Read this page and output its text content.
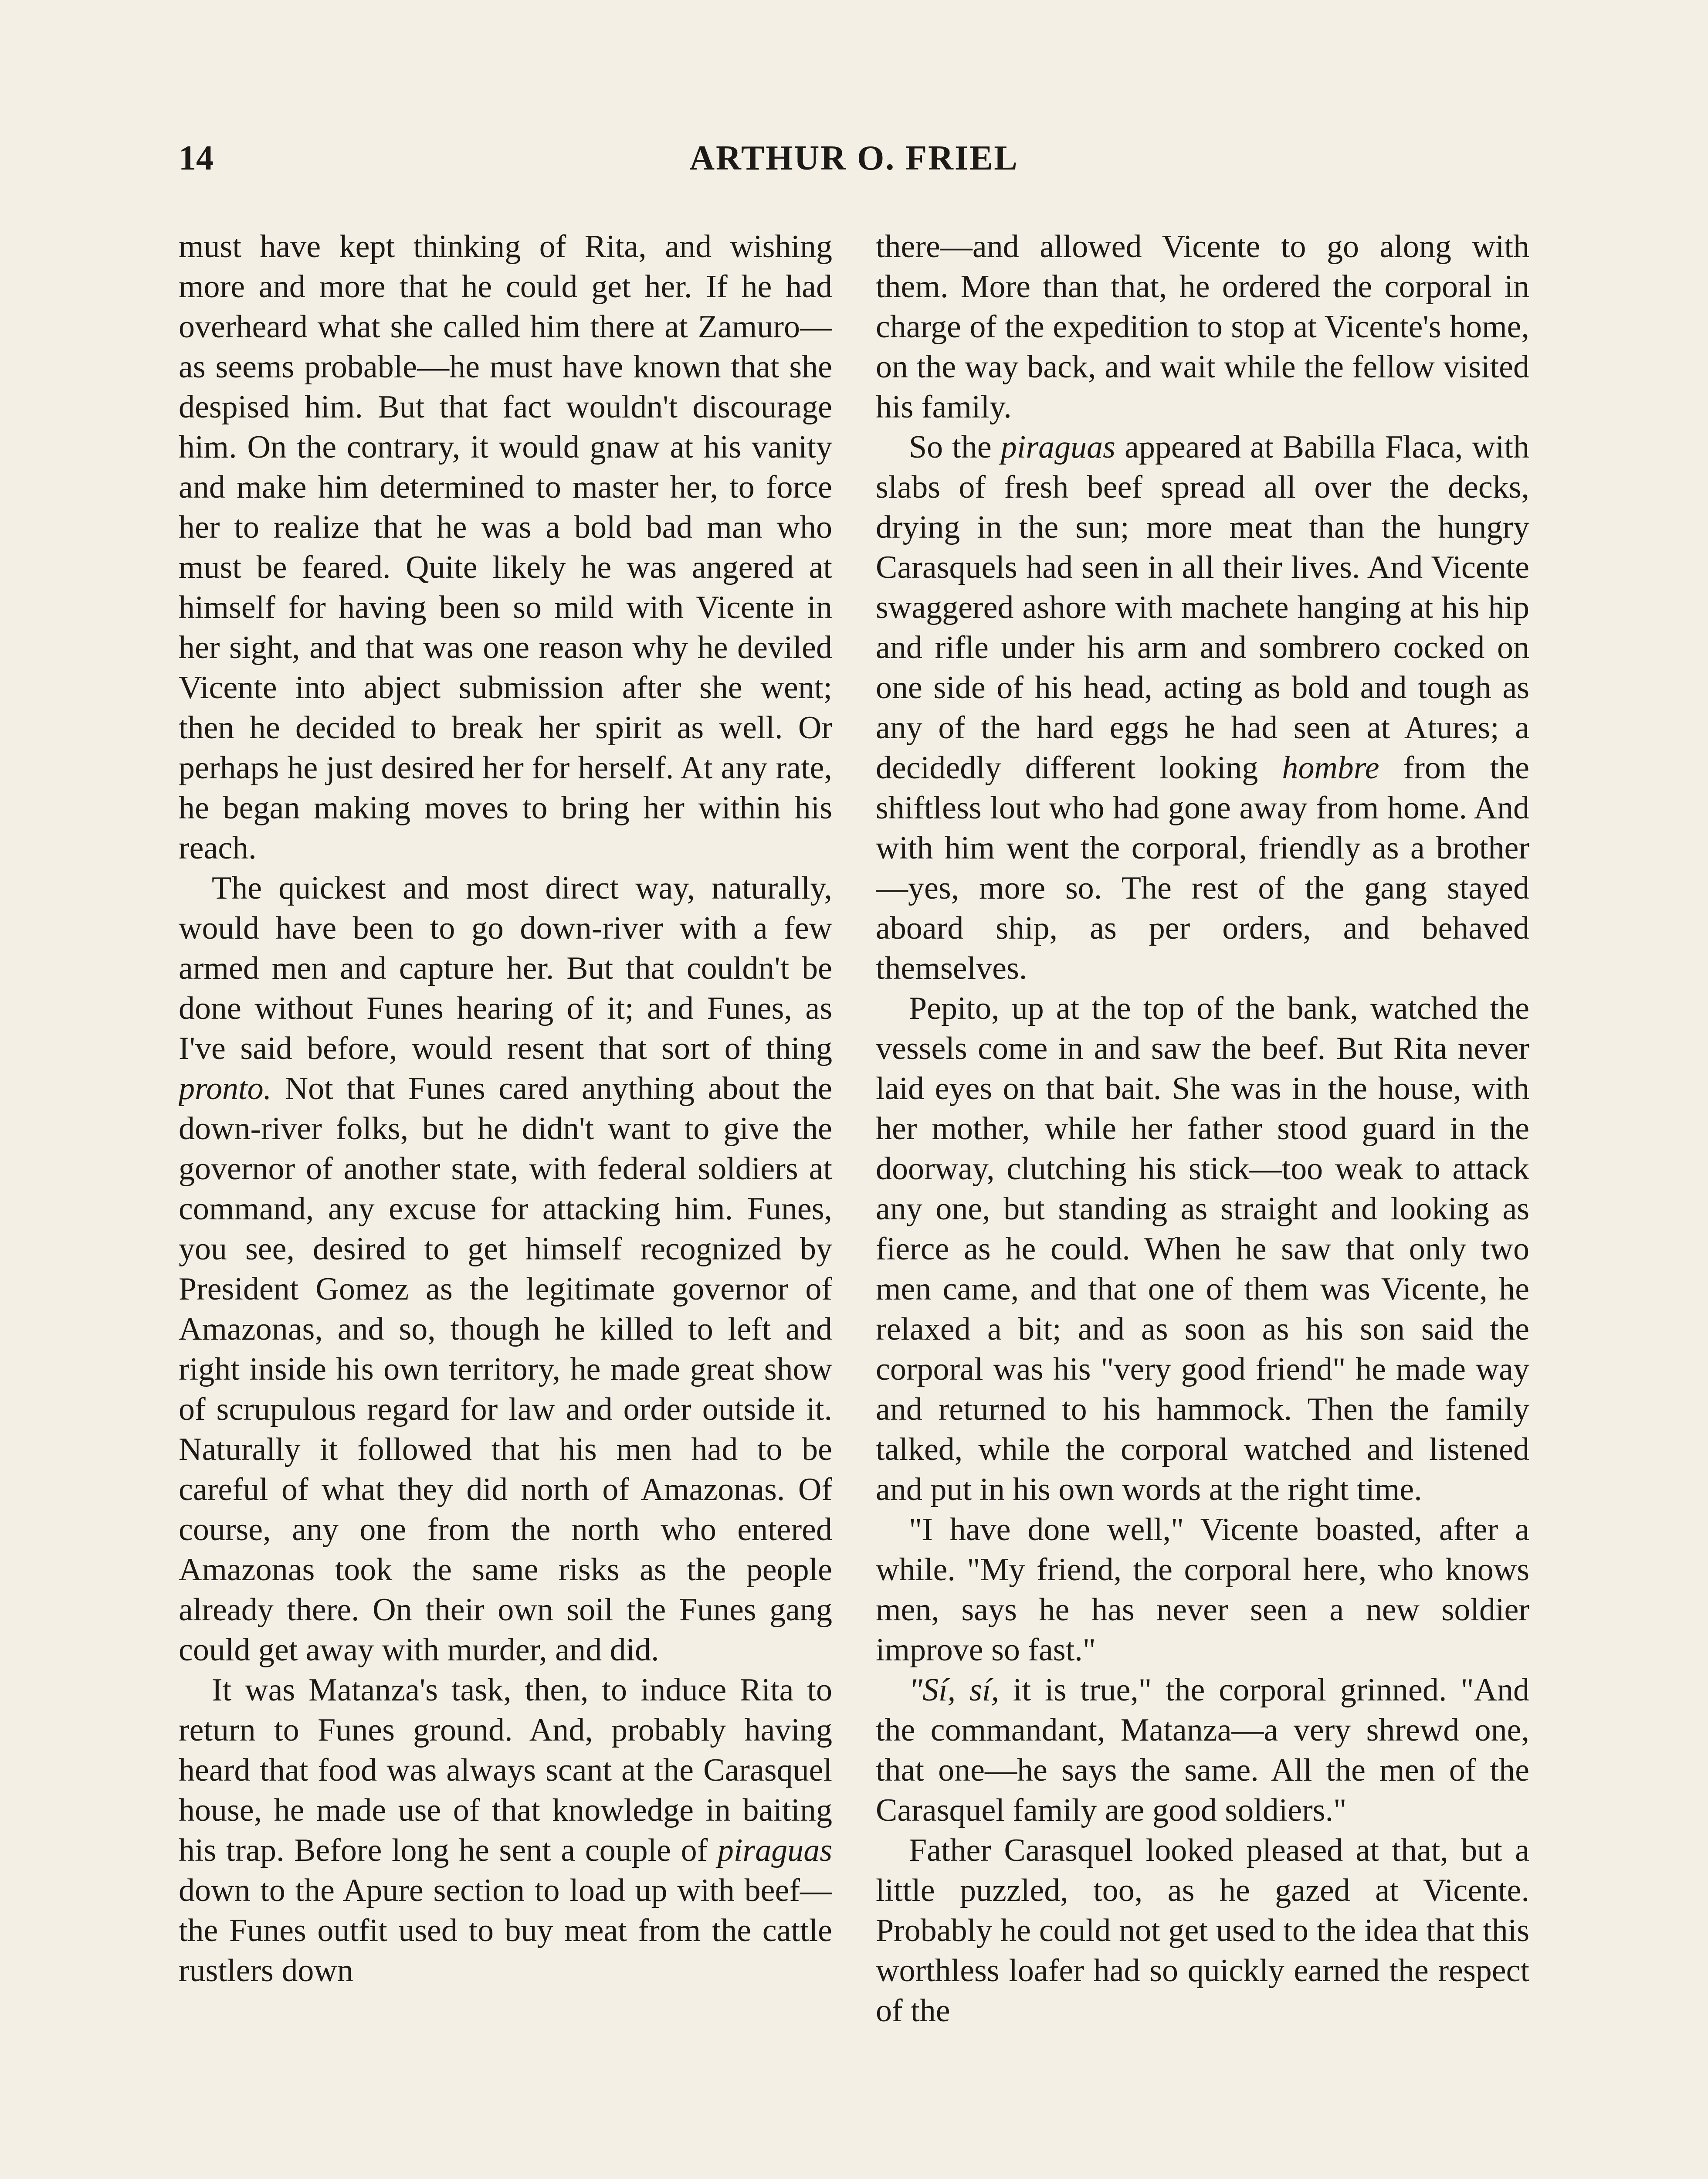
14	ARTHUR O. FRIEL

must have kept thinking of Rita, and wishing more and more that he could get her. If he had overheard what she called him there at Zamuro—as seems probable—he must have known that she despised him. But that fact wouldn't discourage him. On the contrary, it would gnaw at his vanity and make him determined to master her, to force her to realize that he was a bold bad man who must be feared. Quite likely he was angered at himself for having been so mild with Vicente in her sight, and that was one reason why he deviled Vicente into abject submission after she went; then he decided to break her spirit as well. Or perhaps he just desired her for herself. At any rate, he began making moves to bring her within his reach.

The quickest and most direct way, naturally, would have been to go down-river with a few armed men and capture her. But that couldn't be done without Funes hearing of it; and Funes, as I've said before, would resent that sort of thing pronto. Not that Funes cared anything about the down-river folks, but he didn't want to give the governor of another state, with federal soldiers at command, any excuse for attacking him. Funes, you see, desired to get himself recognized by President Gomez as the legitimate governor of Amazonas, and so, though he killed to left and right inside his own territory, he made great show of scrupulous regard for law and order outside it. Naturally it followed that his men had to be careful of what they did north of Amazonas. Of course, any one from the north who entered Amazonas took the same risks as the people already there. On their own soil the Funes gang could get away with murder, and did.

It was Matanza's task, then, to induce Rita to return to Funes ground. And, probably having heard that food was always scant at the Carasquel house, he made use of that knowledge in baiting his trap. Before long he sent a couple of piraguas down to the Apure section to load up with beef—the Funes outfit used to buy meat from the cattle rustlers down

there—and allowed Vicente to go along with them. More than that, he ordered the corporal in charge of the expedition to stop at Vicente's home, on the way back, and wait while the fellow visited his family.

So the piraguas appeared at Babilla Flaca, with slabs of fresh beef spread all over the decks, drying in the sun; more meat than the hungry Carasquels had seen in all their lives. And Vicente swaggered ashore with machete hanging at his hip and rifle under his arm and sombrero cocked on one side of his head, acting as bold and tough as any of the hard eggs he had seen at Atures; a decidedly different looking hombre from the shiftless lout who had gone away from home. And with him went the corporal, friendly as a brother—yes, more so. The rest of the gang stayed aboard ship, as per orders, and behaved themselves.

Pepito, up at the top of the bank, watched the vessels come in and saw the beef. But Rita never laid eyes on that bait. She was in the house, with her mother, while her father stood guard in the doorway, clutching his stick—too weak to attack any one, but standing as straight and looking as fierce as he could. When he saw that only two men came, and that one of them was Vicente, he relaxed a bit; and as soon as his son said the corporal was his "very good friend" he made way and returned to his hammock. Then the family talked, while the corporal watched and listened and put in his own words at the right time.

"I have done well," Vicente boasted, after a while. "My friend, the corporal here, who knows men, says he has never seen a new soldier improve so fast."

"Sí, sí, it is true," the corporal grinned. "And the commandant, Matanza—a very shrewd one, that one—he says the same. All the men of the Carasquel family are good soldiers."

Father Carasquel looked pleased at that, but a little puzzled, too, as he gazed at Vicente. Probably he could not get used to the idea that this worthless loafer had so quickly earned the respect of the
